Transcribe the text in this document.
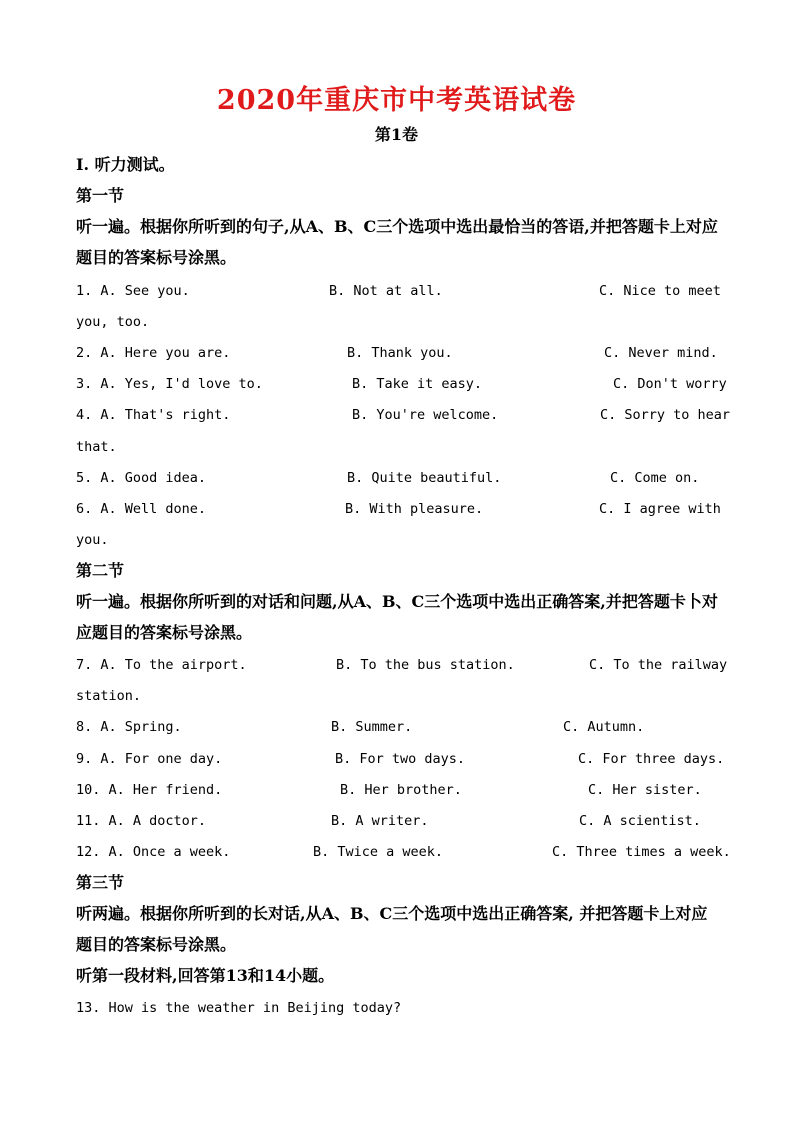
2020年重庆市中考英语试卷
第1卷
I. 听力测试。
第一节
听一遍。根据你所听到的句子,从A、B、C三个选项中选出最恰当的答语,并把答题卡上对应
题目的答案标号涂黑。
1. A. See you.	B. Not at all.	C. Nice to meet
you, too.
2. A. Here you are.	B. Thank you.	C. Never mind.
3. A. Yes, I'd love to.	B. Take it easy.	C. Don't worry
4. A. That's right.	B. You're welcome.	C. Sorry to hear
that.
5. A. Good idea.	B. Quite beautiful.	C. Come on.
6. A. Well done.	B. With pleasure.	C. I agree with
you.
第二节
听一遍。根据你所听到的对话和问题,从A、B、C三个选项中选出正确答案,并把答题卡卜对
应题目的答案标号涂黑。
7. A. To the airport.	B. To the bus station.	C. To the railway
station.
8. A. Spring.	B. Summer.	C. Autumn.
9. A. For one day.	B. For two days.	C. For three days.
10. A. Her friend.	B. Her brother.	C. Her sister.
11. A. A doctor.	B. A writer.	C. A scientist.
12. A. Once a week.	B. Twice a week.	C. Three times a week.
第三节
听两遍。根据你所听到的长对话,从A、B、C三个选项中选出正确答案, 并把答题卡上对应
题目的答案标号涂黑。
听第一段材料,回答第13和14小题。
13. How is the weather in Beijing today?
